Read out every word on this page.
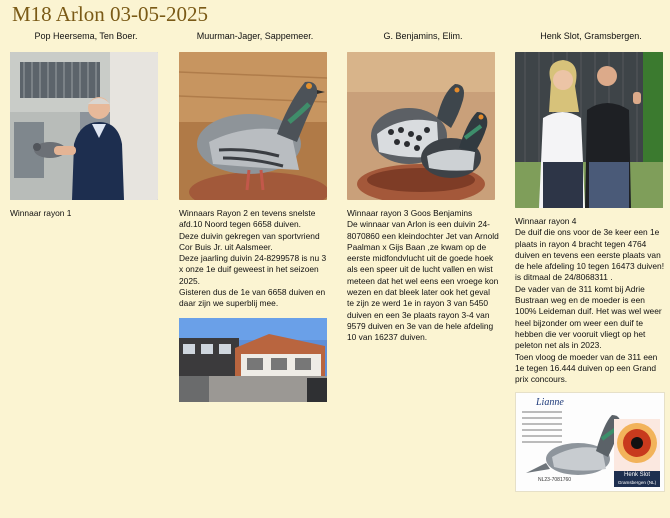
M18 Arlon 03-05-2025
Pop Heersema, Ten Boer.

Winnaar rayon 1

Muurman-Jager, Sappemeer.

Winnaars Rayon 2 en tevens snelste afd.10 Noord tegen 6658 duiven.

Deze duivin gekregen van sportvriend Cor Buis Jr. uit Aalsmeer.

Deze jaarling duivin 24-8299578 is nu 3 x onze 1e duif geweest in het seizoen 2025.

Gisteren dus de 1e van 6658 duiven en daar zijn we superblij mee.

G. Benjamins, Elim.

Winnaar rayon 3 Goos Benjamins

De winnaar van Arlon is een duivin 24-8070860 een kleindochter Jet van Arnold Paalman x Gijs Baan ,ze kwam op de eerste midfondvlucht uit de goede hoek als een speer uit de lucht vallen en wist meteen dat het wel eens een vroege kon wezen en dat bleek later ook het geval te zijn ze werd 1e in rayon 3 van 5450 duiven en een 3e plaats rayon 3-4 van 9579 duiven en 3e van de hele afdeling 10 van 16237 duiven.

Henk Slot, Gramsbergen.

Winnaar rayon 4

De duif die ons voor de 3e keer een 1e plaats in rayon 4 bracht tegen 4764 duiven en tevens een eerste plaats van de hele afdeling 10 tegen 16473 duiven! is ditmaal de 24/8068311 .

De vader van de 311 komt bij Adrie Bustraan weg en de moeder is een 100% Leideman duif. Het was wel weer heel bijzonder om weer een duif te hebben die ver vooruit vliegt op het peleton net als in 2023.

Toen vloog de moeder van de 311 een 1e tegen 16.444 duiven op een Grand prix concours.

Lianne
NL23-7081760
Henk Slot
Gramsbergen (NL)
